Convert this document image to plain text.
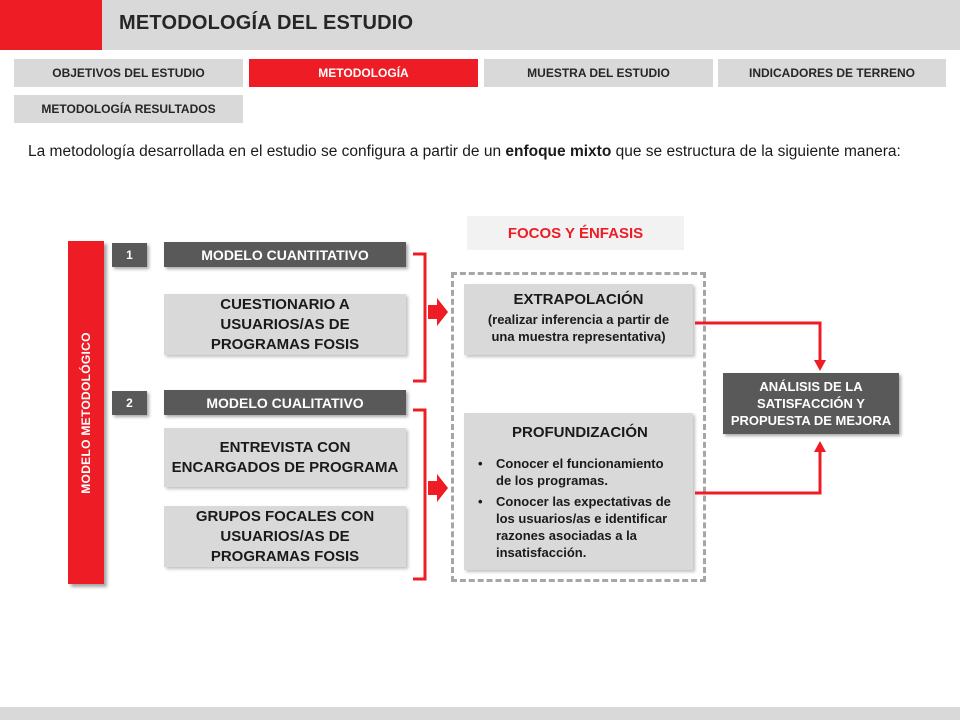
METODOLOGÍA DEL ESTUDIO
OBJETIVOS DEL ESTUDIO	METODOLOGÍA	MUESTRA DEL ESTUDIO	INDICADORES DE TERRENO
METODOLOGÍA RESULTADOS

La metodología desarrollada en el estudio se configura a partir de un enfoque mixto que se estructura de la siguiente manera:

MODELO METODOLÓGICO
1	MODELO CUANTITATIVO
CUESTIONARIO A
USUARIOS/AS DE
PROGRAMAS FOSIS
2	MODELO CUALITATIVO
ENTREVISTA CON
ENCARGADOS DE PROGRAMA
GRUPOS FOCALES CON
USUARIOS/AS DE
PROGRAMAS FOSIS
FOCOS Y ÉNFASIS
EXTRAPOLACIÓN
(realizar inferencia a partir de
una muestra representativa)
PROFUNDIZACIÓN
• Conocer el funcionamiento
de los programas.
• Conocer las expectativas de
los usuarios/as e identificar
razones asociadas a la
insatisfacción.
ANÁLISIS DE LA
SATISFACCIÓN Y
PROPUESTA DE MEJORA
